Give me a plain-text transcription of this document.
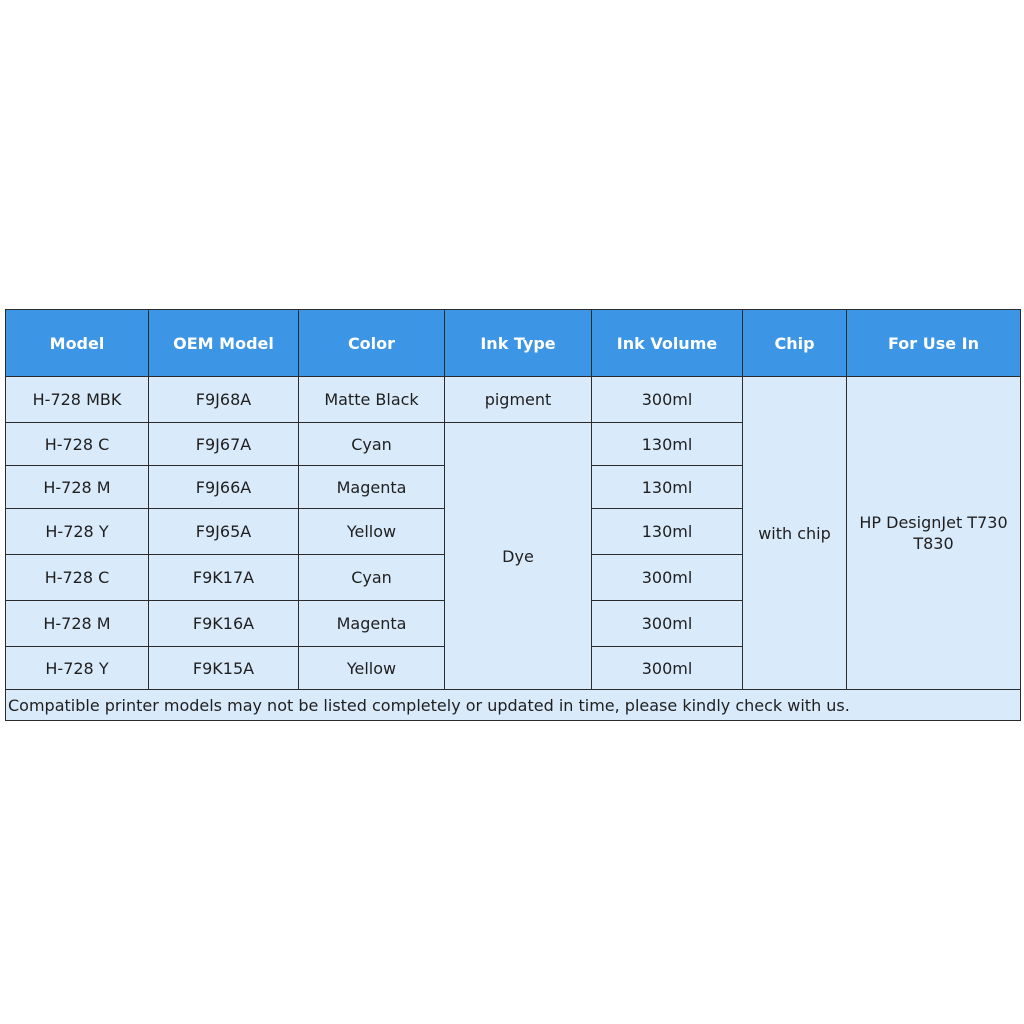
Model	OEM Model	Color	Ink Type	Ink Volume	Chip	For Use In
H-728 MBK	F9J68A	Matte Black	pigment	300ml	with chip	HP DesignJet T730 T830
H-728 C	F9J67A	Cyan	Dye	130ml		
H-728 M	F9J66A	Magenta		130ml		
H-728 Y	F9J65A	Yellow		130ml		
H-728 C	F9K17A	Cyan		300ml		
H-728 M	F9K16A	Magenta		300ml		
H-728 Y	F9K15A	Yellow		300ml		
Compatible printer models may not be listed completely or updated in time, please kindly check with us.						
